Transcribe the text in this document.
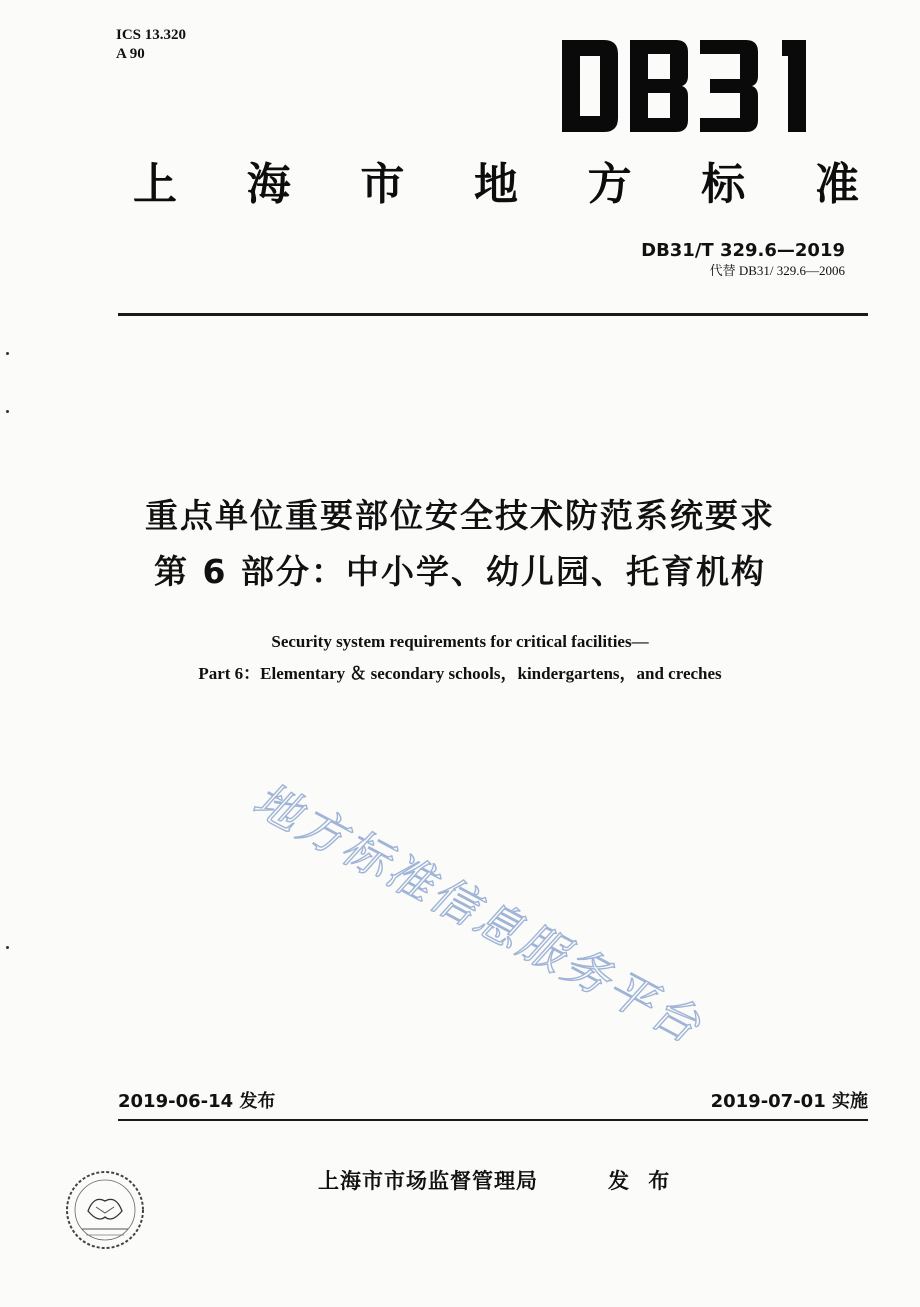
ICS 13.320
A 90
上 海 市 地 方 标 准
DB31/T 329.6—2019
代替 DB31/ 329.6—2006
重点单位重要部位安全技术防范系统要求
第 6 部分：中小学、幼儿园、托育机构
Security system requirements for critical facilities—
Part 6：Elementary ＆ secondary schools，kindergartens，and creches
地方标准信息服务平台
2019-06-14 发布	2019-07-01 实施
上海市市场监督管理局	发 布
